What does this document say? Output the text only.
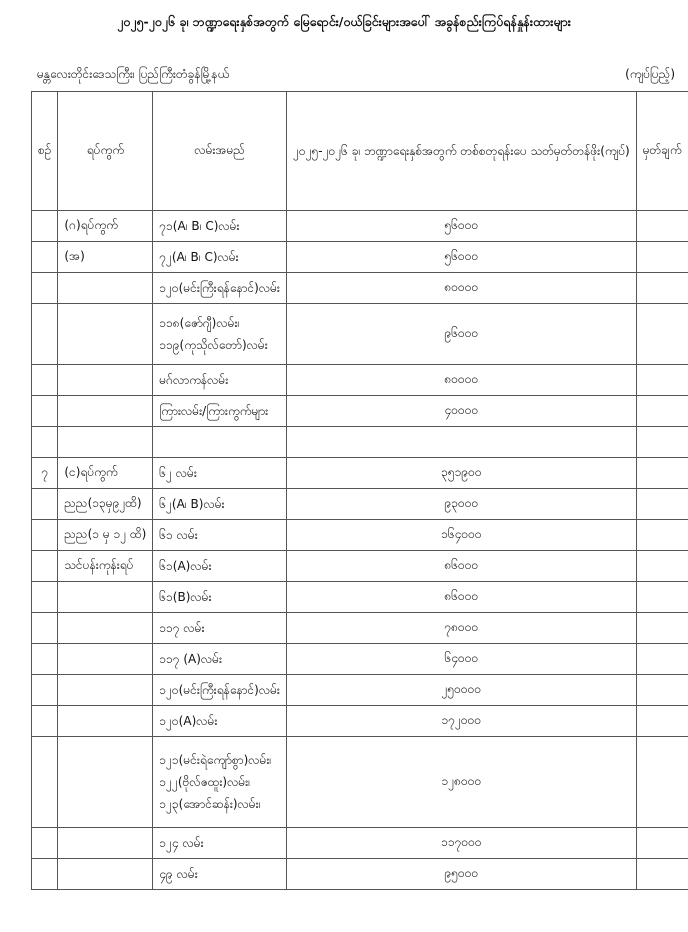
၂၀၂၅-၂၀၂၆ ခု၊ ဘဏ္ဍာရေးနှစ်အတွက် မြေရောင်း/ဝယ်ခြင်းများအပေါ် အခွန်စည်းကြပ်ရန်နှုန်းထားများ
မန္တလေးတိုင်းဒေသကြီး၊ ပြည်ကြီးတံခွန်မြို့နယ်	(ကျပ်ပြည့်)
စဉ်	ရပ်ကွက်	လမ်းအမည်	၂၀၂၅-၂၀၂၆ ခု၊ ဘဏ္ဍာရေးနှစ်အတွက် တစ်စတုရန်းပေ သတ်မှတ်တန်ဖိုး(ကျပ်)	မှတ်ချက်
	(ဂ)ရပ်ကွက်	၇၁(A၊ B၊ C)လမ်း	၅၆၀၀၀	
	(အ)	၇၂(A၊ B၊ C)လမ်း	၅၆၀၀၀	

		၁၂၀(မင်းကြီးရန်နောင်)လမ်း	၈၀၀၀၀	

		၁၁၈(ဇော်ဂျီ)လမ်း၊
၁၁၉(ကုသိုလ်တော်)လမ်း	၉၆၀၀၀	

		မဂ်လာကန်လမ်း	၈၀၀၀၀	

		ကြားလမ်း/ကြားကွက်များ	၄၀၀၀၀	

၇	(င)ရပ်ကွက်	၆၂ လမ်း	၃၅၁၉၀၀	
	ညည(၁၃မှ၉၂ထိ)	၆၂(A၊ B)လမ်း	၉၃၀၀၀	
	ညည(၁ မှ ၁၂ ထိ)	၆၁ လမ်း	၁၆၄၀၀၀	
	သင်ပန်းကုန်းရပ်	၆၁(A)လမ်း	၈၆၀၀၀	

		၆၁(B)လမ်း	၈၆၀၀၀	

		၁၁၇ လမ်း	၇၈၀၀၀	

		၁၁၇ (A)လမ်း	၆၄၀၀၀	

		၁၂၀(မင်းကြီးရန်နောင်)လမ်း	၂၅၀၀၀၀	

		၁၂၀(A)လမ်း	၁၇၂၀၀၀	

		၁၂၁(မင်းရဲကျော်စွာ)လမ်း၊
၁၂၂(ဗိုလ်ဇထူး)လမ်း၊
၁၂၃(အောင်ဆန်း)လမ်း၊	၁၂၈၀၀၀	

		၁၂၄ လမ်း	၁၁၇၀၀၀	

		၄၉ လမ်း	၉၅၀၀၀	
